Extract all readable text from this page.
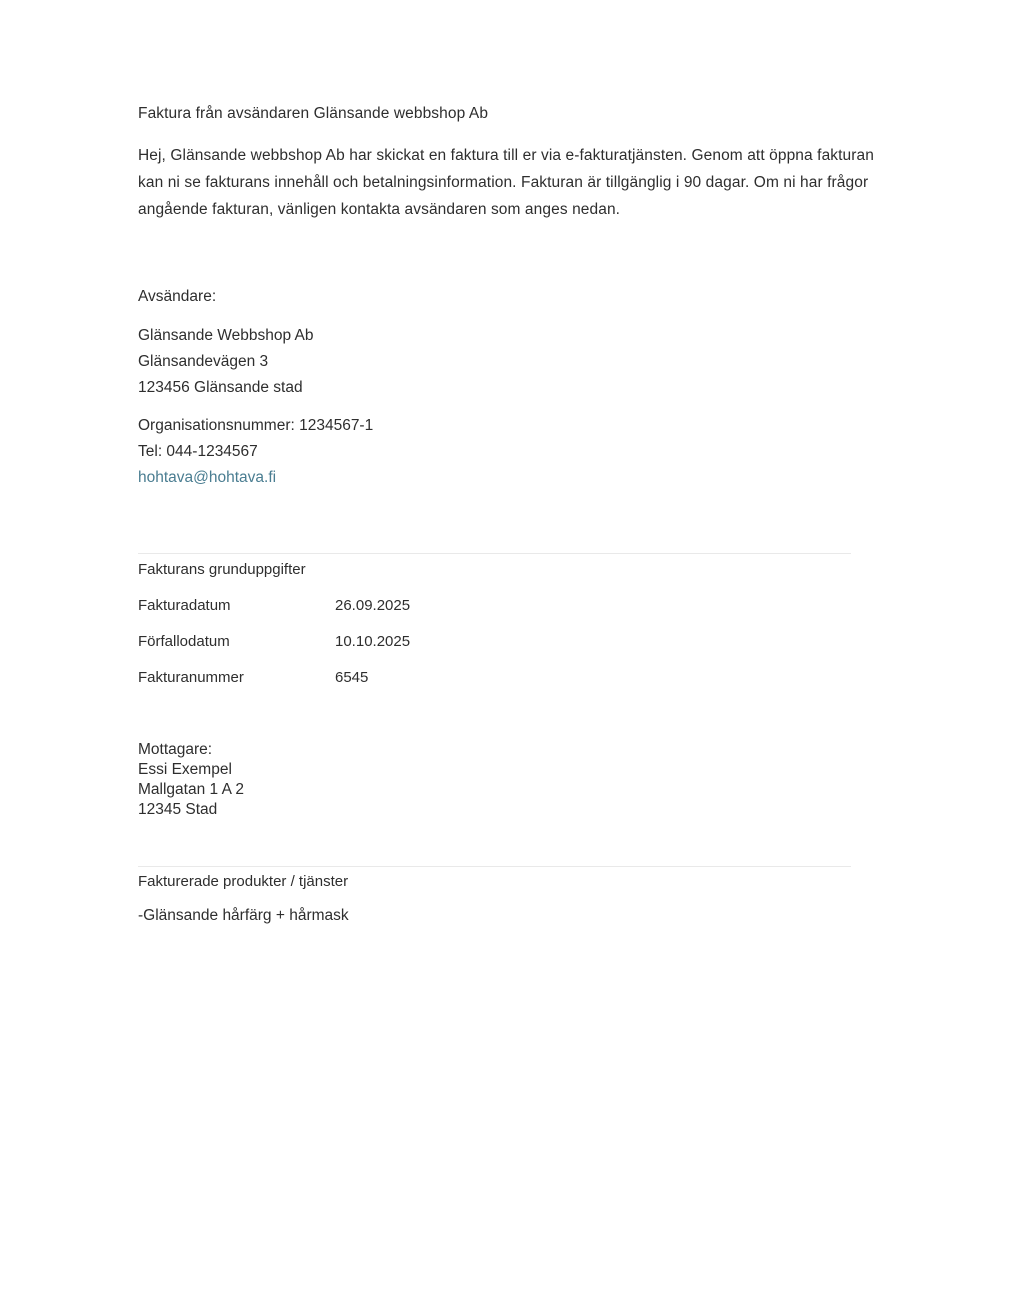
Faktura från avsändaren Glänsande webbshop Ab

Hej, Glänsande webbshop Ab har skickat en faktura till er via e-fakturatjänsten. Genom att öppna fakturan kan ni se fakturans innehåll och betalningsinformation. Fakturan är tillgänglig i 90 dagar. Om ni har frågor angående fakturan, vänligen kontakta avsändaren som anges nedan.

Avsändare:
Glänsande Webbshop Ab
Glänsandevägen 3
123456 Glänsande stad
Organisationsnummer: 1234567-1
Tel: 044-1234567
hohtava@hohtava.fi
Fakturans grunduppgifter
Fakturadatum	26.09.2025
Förfallodatum	10.10.2025
Fakturanummer	6545
Mottagare:
Essi Exempel
Mallgatan 1 A 2
12345 Stad
Fakturerade produkter / tjänster
-Glänsande hårfärg + hårmask
